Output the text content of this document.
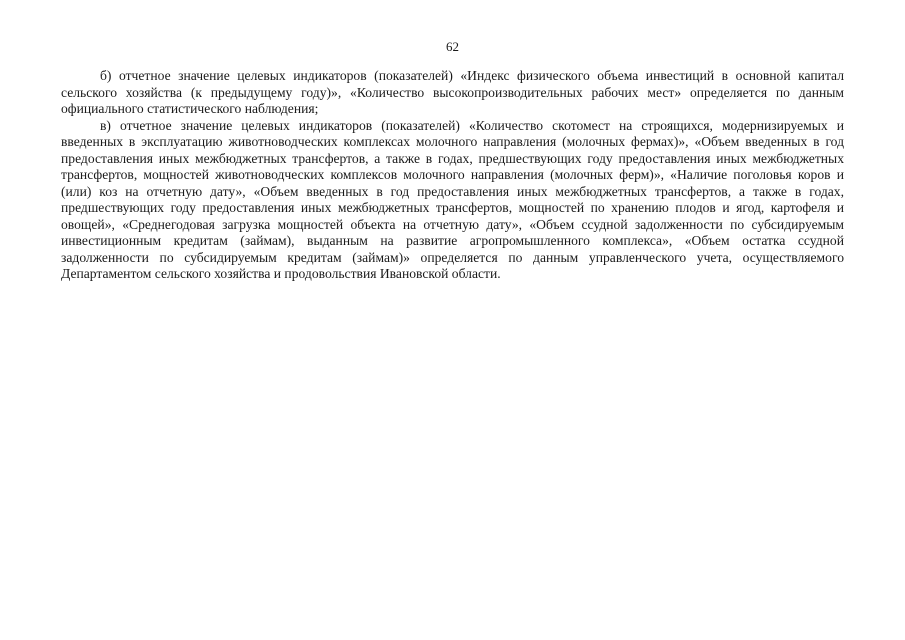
62

б) отчетное значение целевых индикаторов (показателей) «Индекс физического объема инвестиций в основной капитал сельского хозяйства (к предыдущему году)», «Количество высокопроизводительных рабочих мест» определяется по данным официального статистического наблюдения;

в) отчетное значение целевых индикаторов (показателей) «Количество скотомест на строящихся, модернизируемых и введенных в эксплуатацию животноводческих комплексах молочного направления (молочных фермах)», «Объем введенных в год предоставления иных межбюджетных трансфертов, а также в годах, предшествующих году предоставления иных межбюджетных трансфертов, мощностей животноводческих комплексов молочного направления (молочных ферм)», «Наличие поголовья коров и (или) коз на отчетную дату», «Объем введенных в год предоставления иных межбюджетных трансфертов, а также в годах, предшествующих году предоставления иных межбюджетных трансфертов, мощностей по хранению плодов и ягод, картофеля и овощей», «Среднегодовая загрузка мощностей объекта на отчетную дату», «Объем ссудной задолженности по субсидируемым инвестиционным кредитам (займам), выданным на развитие агропромышленного комплекса», «Объем остатка ссудной задолженности по субсидируемым кредитам (займам)» определяется по данным управленческого учета, осуществляемого Департаментом сельского хозяйства и продовольствия Ивановской области.
